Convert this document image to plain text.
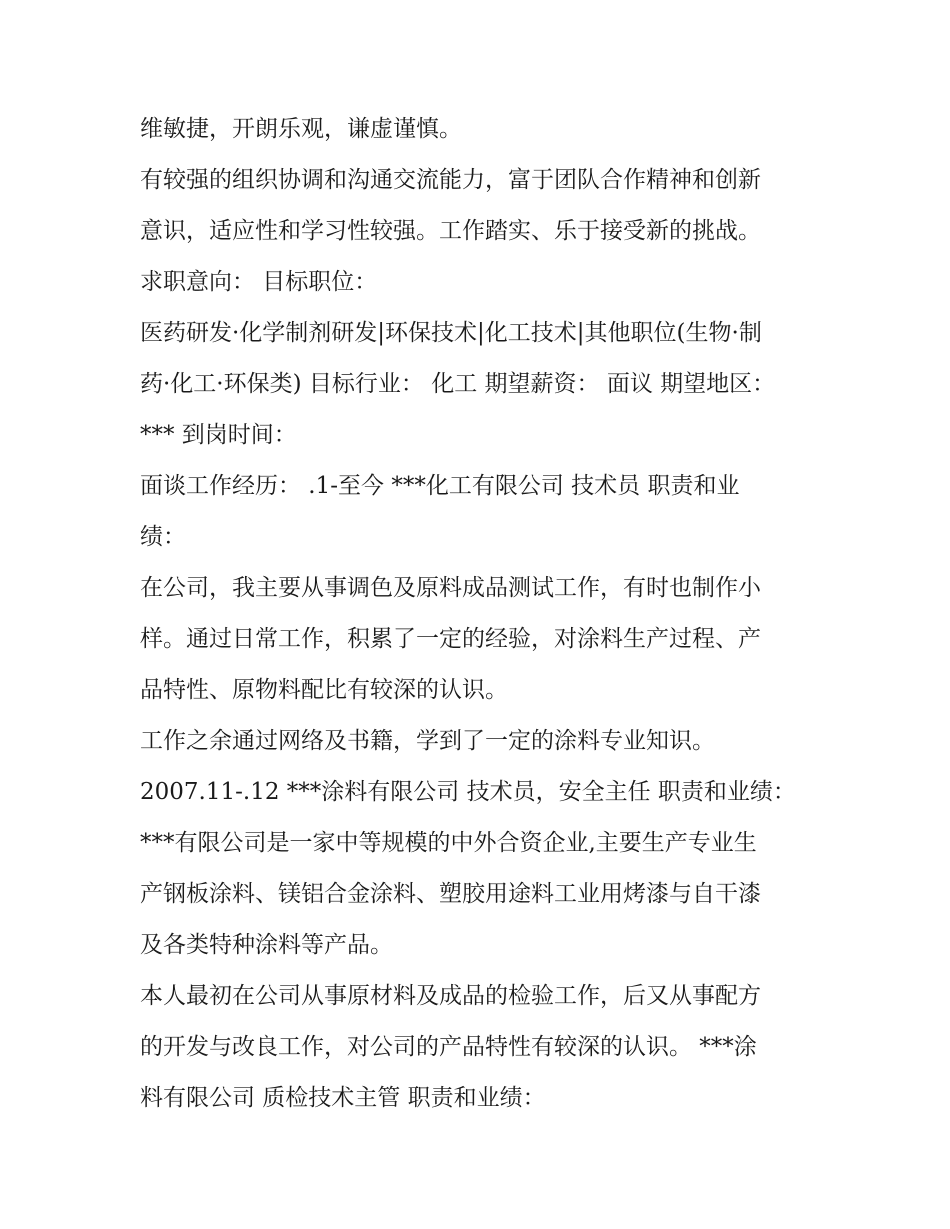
维敏捷，开朗乐观，谦虚谨慎。

有较强的组织协调和沟通交流能力，富于团队合作精神和创新
意识，适应性和学习性较强。工作踏实、乐于接受新的挑战。

求职意向： 目标职位：

医药研发·化学制剂研发|环保技术|化工技术|其他职位(生物·制
药·化工·环保类) 目标行业： 化工 期望薪资： 面议 期望地区：
*** 到岗时间：

面谈工作经历： .1-至今 ***化工有限公司 技术员 职责和业
绩：

在公司，我主要从事调色及原料成品测试工作，有时也制作小
样。通过日常工作，积累了一定的经验，对涂料生产过程、产
品特性、原物料配比有较深的认识。

工作之余通过网络及书籍，学到了一定的涂料专业知识。

2007.11-.12 ***涂料有限公司 技术员，安全主任 职责和业绩：

***有限公司是一家中等规模的中外合资企业,主要生产专业生
产钢板涂料、镁铝合金涂料、塑胶用途料工业用烤漆与自干漆
及各类特种涂料等产品。

本人最初在公司从事原材料及成品的检验工作，后又从事配方
的开发与改良工作，对公司的产品特性有较深的认识。 ***涂
料有限公司 质检技术主管 职责和业绩：
